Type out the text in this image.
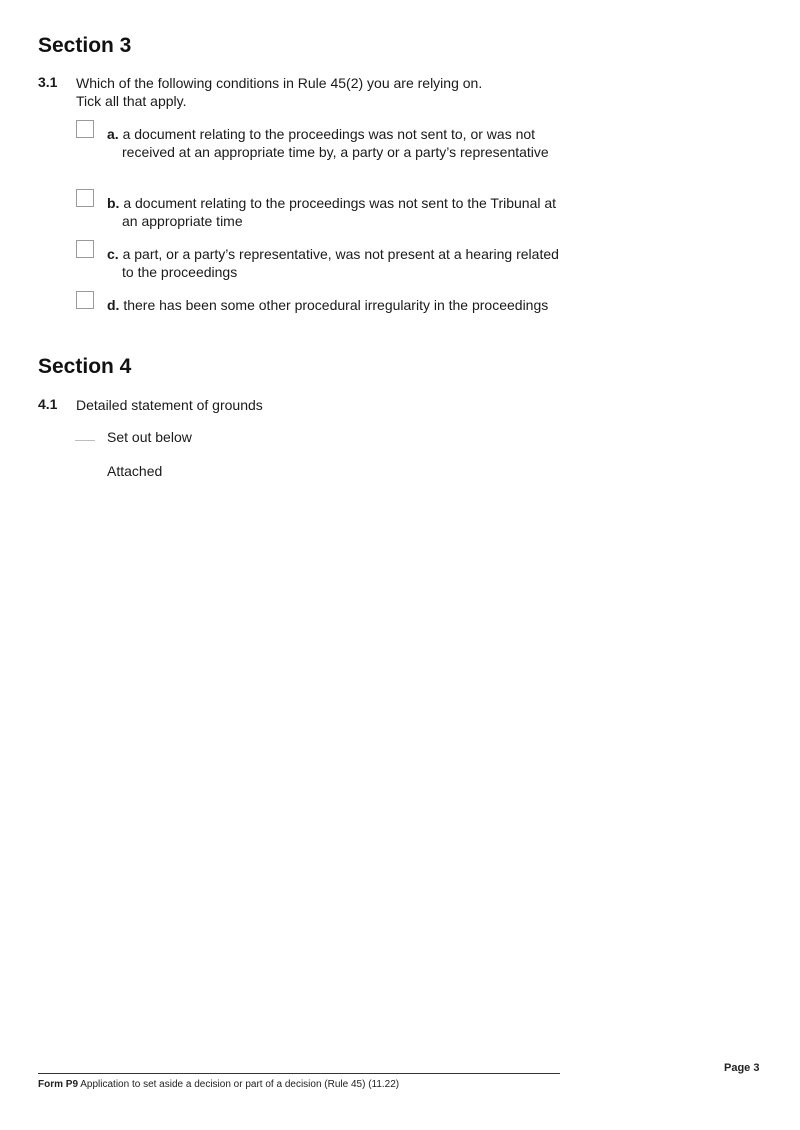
Section 3
3.1 Which of the following conditions in Rule 45(2) you are relying on.
Tick all that apply.
a. a document relating to the proceedings was not sent to, or was not received at an appropriate time by, a party or a party’s representative
b. a document relating to the proceedings was not sent to the Tribunal at an appropriate time
c. a part, or a party’s representative, was not present at a hearing related to the proceedings
d. there has been some other procedural irregularity in the proceedings
Section 4
4.1 Detailed statement of grounds
Set out below
Attached
Page 3
Form P9 Application to set aside a decision or part of a decision (Rule 45) (11.22)
